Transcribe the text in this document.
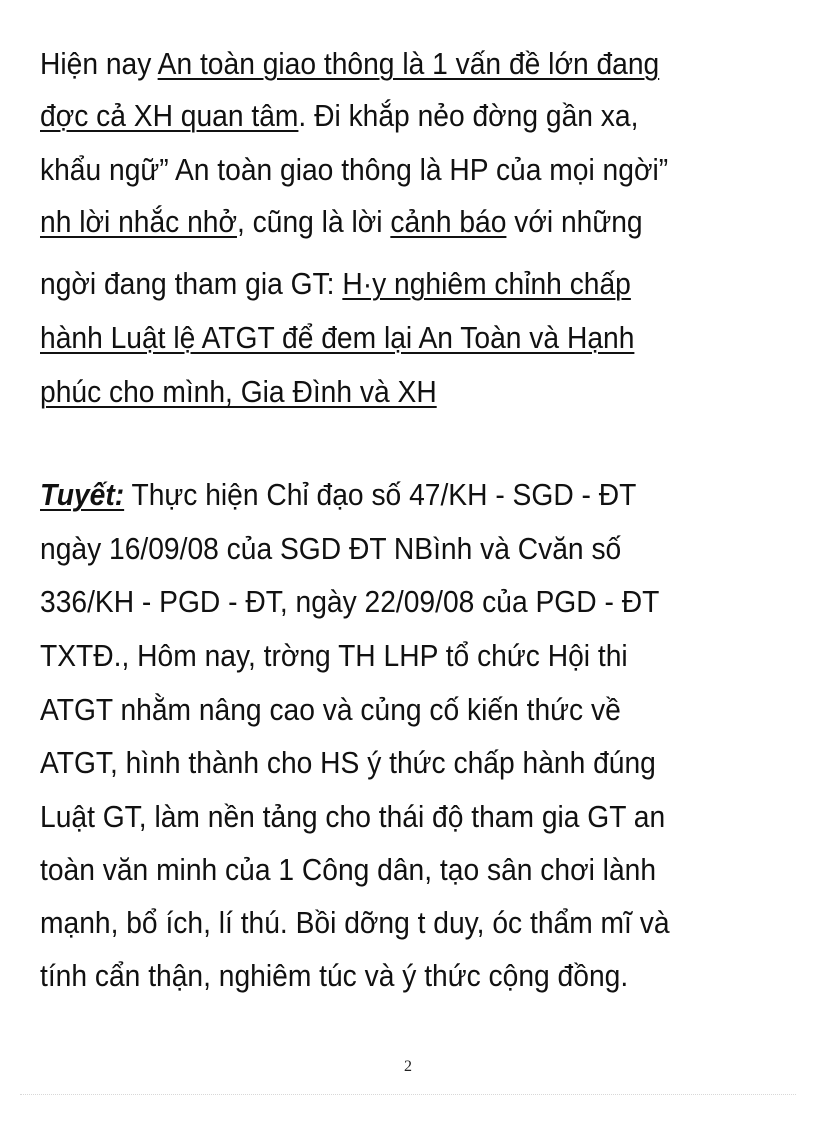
Hiện nay An toàn giao thông là 1 vấn đề lớn đang
đợc cả XH quan tâm. Đi khắp nẻo đờng gần xa,
khẩu ngữ” An toàn giao thông là HP của mọi ngời”
nh lời nhắc nhở, cũng là lời cảnh báo với những
ngời đang tham gia GT: H·y nghiêm chỉnh chấp
hành Luật lệ ATGT để đem lại An Toàn và Hạnh
phúc cho mình, Gia Đình và XH
Tuyết: Thực hiện Chỉ đạo số 47/KH - SGD - ĐT
ngày 16/09/08 của SGD ĐT NBình và Cvăn số
336/KH - PGD - ĐT, ngày 22/09/08 của PGD - ĐT
TXTĐ., Hôm nay, trờng TH LHP tổ chức Hội thi
ATGT nhằm nâng cao và củng cố kiến thức về
ATGT, hình thành cho HS ý thức chấp hành đúng
Luật GT, làm nền tảng cho thái độ tham gia GT an
toàn văn minh của 1 Công dân, tạo sân chơi lành
mạnh, bổ ích, lí thú. Bồi dỡng t duy, óc thẩm mĩ và
tính cẩn thận, nghiêm túc và ý thức cộng đồng.
2
